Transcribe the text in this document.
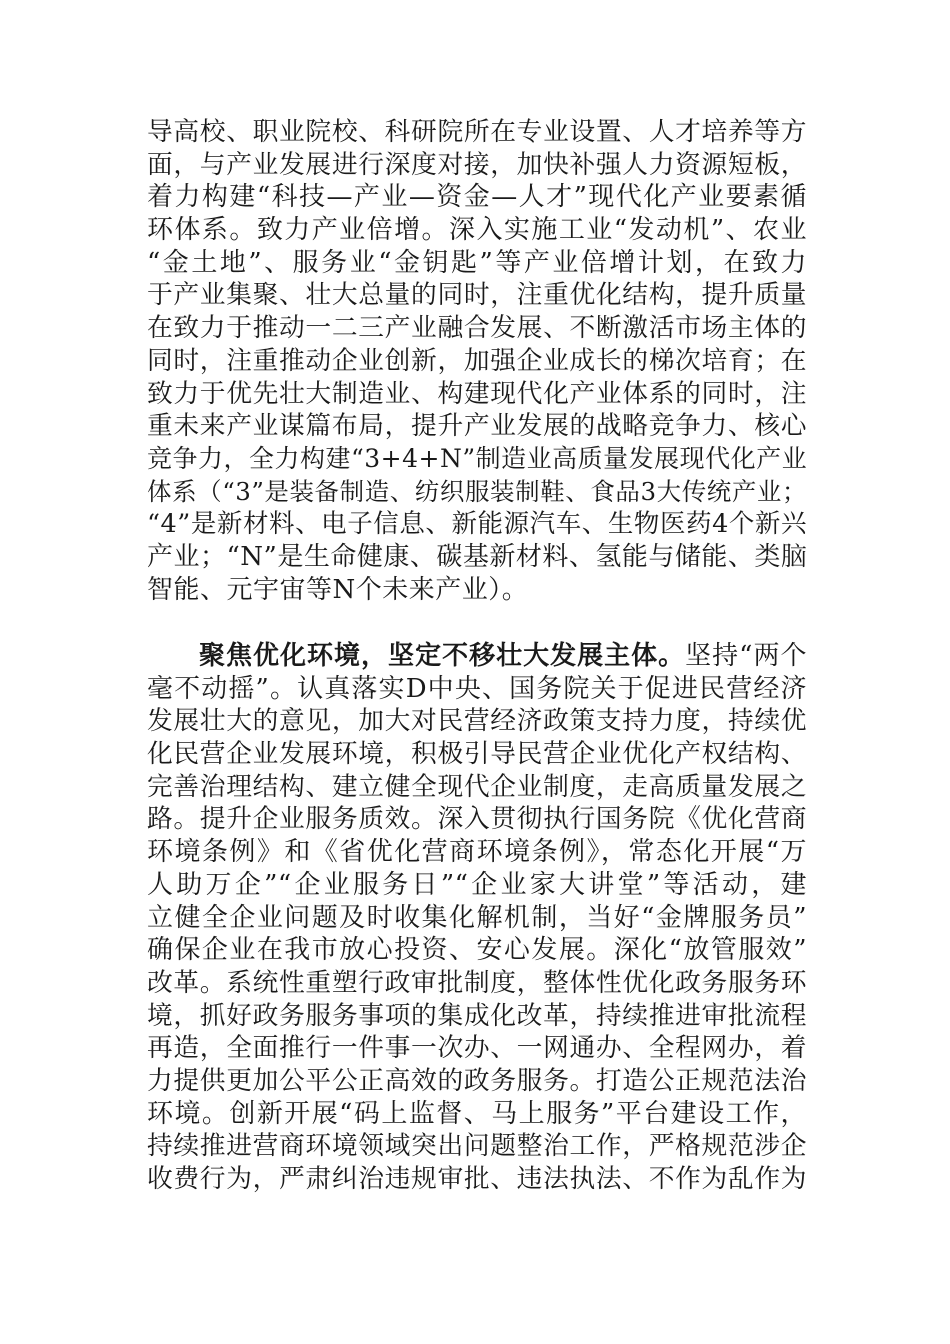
导高校、职业院校、科研院所在专业设置、人才培养等方
面，与产业发展进行深度对接，加快补强人力资源短板，
着力构建“科技—产业—资金—人才”现代化产业要素循
环体系。致力产业倍增。深入实施工业“发动机”、农业
“金土地”、服务业“金钥匙”等产业倍增计划，在致力
于产业集聚、壮大总量的同时，注重优化结构，提升质量
在致力于推动一二三产业融合发展、不断激活市场主体的
同时，注重推动企业创新，加强企业成长的梯次培育；在
致力于优先壮大制造业、构建现代化产业体系的同时，注
重未来产业谋篇布局，提升产业发展的战略竞争力、核心
竞争力，全力构建“3+4+N”制造业高质量发展现代化产业
体系（“3”是装备制造、纺织服装制鞋、食品3大传统产业；
“4”是新材料、电子信息、新能源汽车、生物医药4个新兴
产业；“N”是生命健康、碳基新材料、氢能与储能、类脑
智能、元宇宙等N个未来产业）。
聚焦优化环境，坚定不移壮大发展主体。坚持“两个
毫不动摇”。认真落实D中央、国务院关于促进民营经济
发展壮大的意见，加大对民营经济政策支持力度，持续优
化民营企业发展环境，积极引导民营企业优化产权结构、
完善治理结构、建立健全现代企业制度，走高质量发展之
路。提升企业服务质效。深入贯彻执行国务院《优化营商
环境条例》和《省优化营商环境条例》，常态化开展“万
人助万企”“企业服务日”“企业家大讲堂”等活动，建
立健全企业问题及时收集化解机制，当好“金牌服务员”
确保企业在我市放心投资、安心发展。深化“放管服效”
改革。系统性重塑行政审批制度，整体性优化政务服务环
境，抓好政务服务事项的集成化改革，持续推进审批流程
再造，全面推行一件事一次办、一网通办、全程网办，着
力提供更加公平公正高效的政务服务。打造公正规范法治
环境。创新开展“码上监督、马上服务”平台建设工作，
持续推进营商环境领域突出问题整治工作，严格规范涉企
收费行为，严肃纠治违规审批、违法执法、不作为乱作为
